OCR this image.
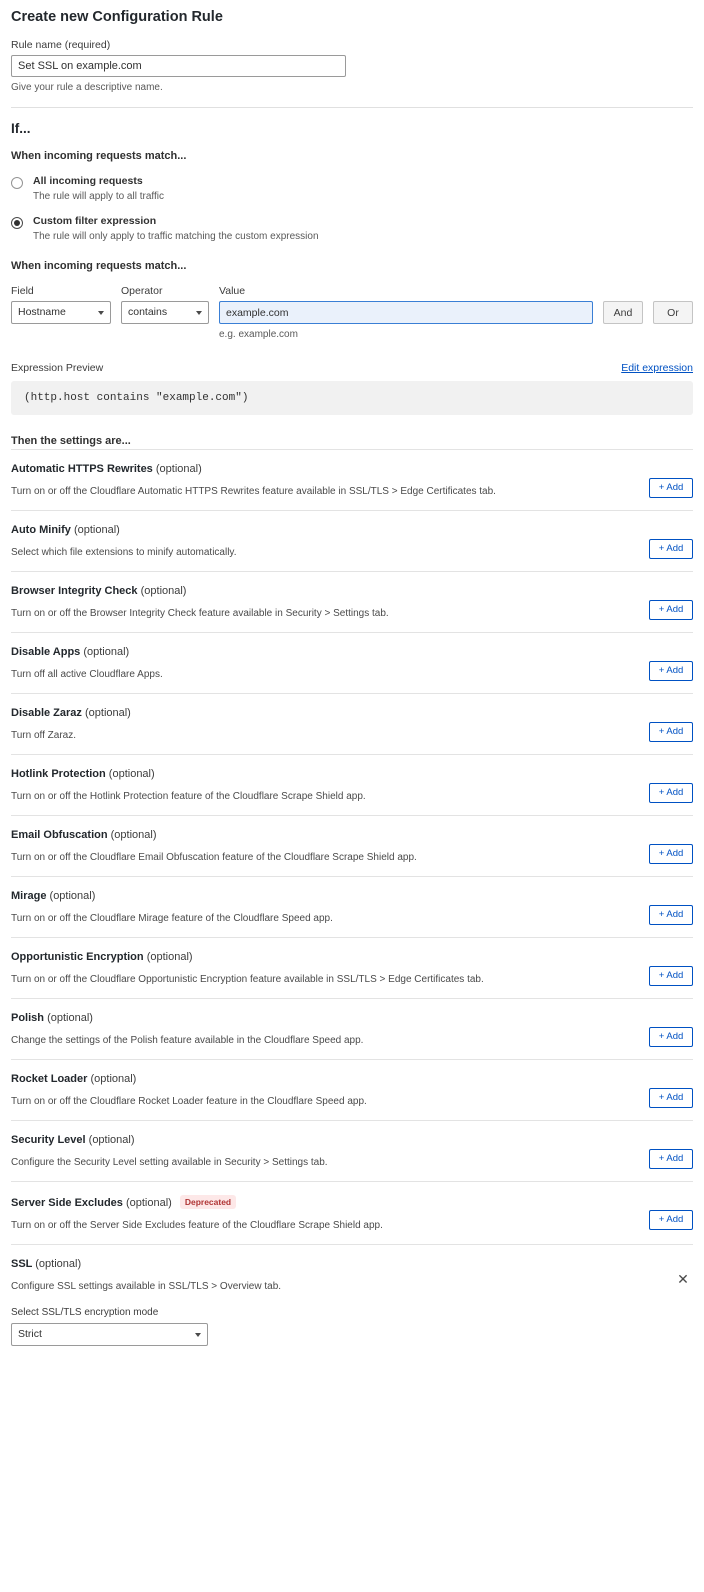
Create new Configuration Rule
Rule name (required)
Set SSL on example.com
Give your rule a descriptive name.
If...
When incoming requests match...
All incoming requests
The rule will apply to all traffic
Custom filter expression
The rule will only apply to traffic matching the custom expression
When incoming requests match...
Field	Operator	Value
Hostname	contains
example.com
e.g. example.com
And	Or
Expression Preview	Edit expression
(http.host contains "example.com")
Then the settings are...
Automatic HTTPS Rewrites (optional)
Turn on or off the Cloudflare Automatic HTTPS Rewrites feature available in SSL/TLS > Edge Certificates tab.	+ Add
Auto Minify (optional)
Select which file extensions to minify automatically.	+ Add
Browser Integrity Check (optional)
Turn on or off the Browser Integrity Check feature available in Security > Settings tab.	+ Add
Disable Apps (optional)
Turn off all active Cloudflare Apps.	+ Add
Disable Zaraz (optional)
Turn off Zaraz.	+ Add
Hotlink Protection (optional)
Turn on or off the Hotlink Protection feature of the Cloudflare Scrape Shield app.	+ Add
Email Obfuscation (optional)
Turn on or off the Cloudflare Email Obfuscation feature of the Cloudflare Scrape Shield app.	+ Add
Mirage (optional)
Turn on or off the Cloudflare Mirage feature of the Cloudflare Speed app.	+ Add
Opportunistic Encryption (optional)
Turn on or off the Cloudflare Opportunistic Encryption feature available in SSL/TLS > Edge Certificates tab.	+ Add
Polish (optional)
Change the settings of the Polish feature available in the Cloudflare Speed app.	+ Add
Rocket Loader (optional)
Turn on or off the Cloudflare Rocket Loader feature in the Cloudflare Speed app.	+ Add
Security Level (optional)
Configure the Security Level setting available in Security > Settings tab.	+ Add
Server Side Excludes (optional) Deprecated
Turn on or off the Server Side Excludes feature of the Cloudflare Scrape Shield app.
+ Add
SSL (optional)
Configure SSL settings available in SSL/TLS > Overview tab.	✕
Select SSL/TLS encryption mode
Strict
